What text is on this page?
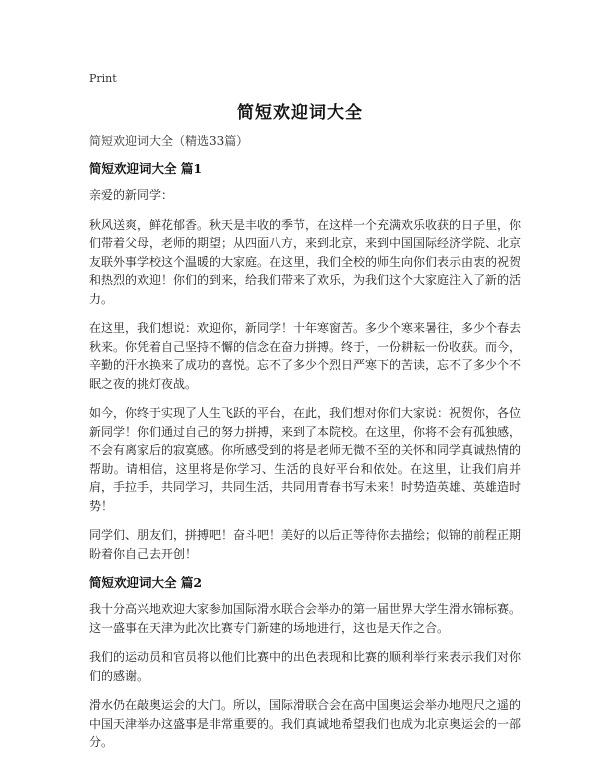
Print
简短欢迎词大全

简短欢迎词大全（精选33篇）

简短欢迎词大全 篇1

亲爱的新同学：

秋风送爽，鲜花郁香。秋天是丰收的季节，在这样一个充满欢乐收获的日子里，你们带着父母，老师的期望；从四面八方，来到北京，来到中国国际经济学院、北京友联外事学校这个温暖的大家庭。在这里，我们全校的师生向你们表示由衷的祝贺和热烈的欢迎！你们的到来，给我们带来了欢乐，为我们这个大家庭注入了新的活力。

在这里，我们想说：欢迎你，新同学！十年寒窗苦。多少个寒来暑往，多少个春去秋来。你凭着自己坚持不懈的信念在奋力拼搏。终于，一份耕耘一份收获。而今，辛勤的汗水换来了成功的喜悦。忘不了多少个烈日严寒下的苦读，忘不了多少个不眠之夜的挑灯夜战。

如今，你终于实现了人生飞跃的平台，在此，我们想对你们大家说：祝贺你，各位新同学！你们通过自己的努力拼搏，来到了本院校。在这里，你将不会有孤独感，不会有离家后的寂寞感。你所感受到的将是老师无微不至的关怀和同学真诚热情的帮助。请相信，这里将是你学习、生活的良好平台和依处。在这里，让我们肩并肩，手拉手，共同学习，共同生活，共同用青春书写未来！时势造英雄、英雄造时势！

同学们、朋友们，拼搏吧！奋斗吧！美好的以后正等待你去描绘；似锦的前程正期盼着你自己去开创！

简短欢迎词大全 篇2

我十分高兴地欢迎大家参加国际滑水联合会举办的第一届世界大学生滑水锦标赛。这一盛事在天津为此次比赛专门新建的场地进行，这也是天作之合。

我们的运动员和官员将以他们比赛中的出色表现和比赛的顺利举行来表示我们对你们的感谢。

滑水仍在敲奥运会的大门。所以，国际滑联合会在高中国奥运会举办地咫尺之遥的中国天津举办这盛事是非常重要的。我们真诚地希望我们也成为北京奥运会的一部分。
